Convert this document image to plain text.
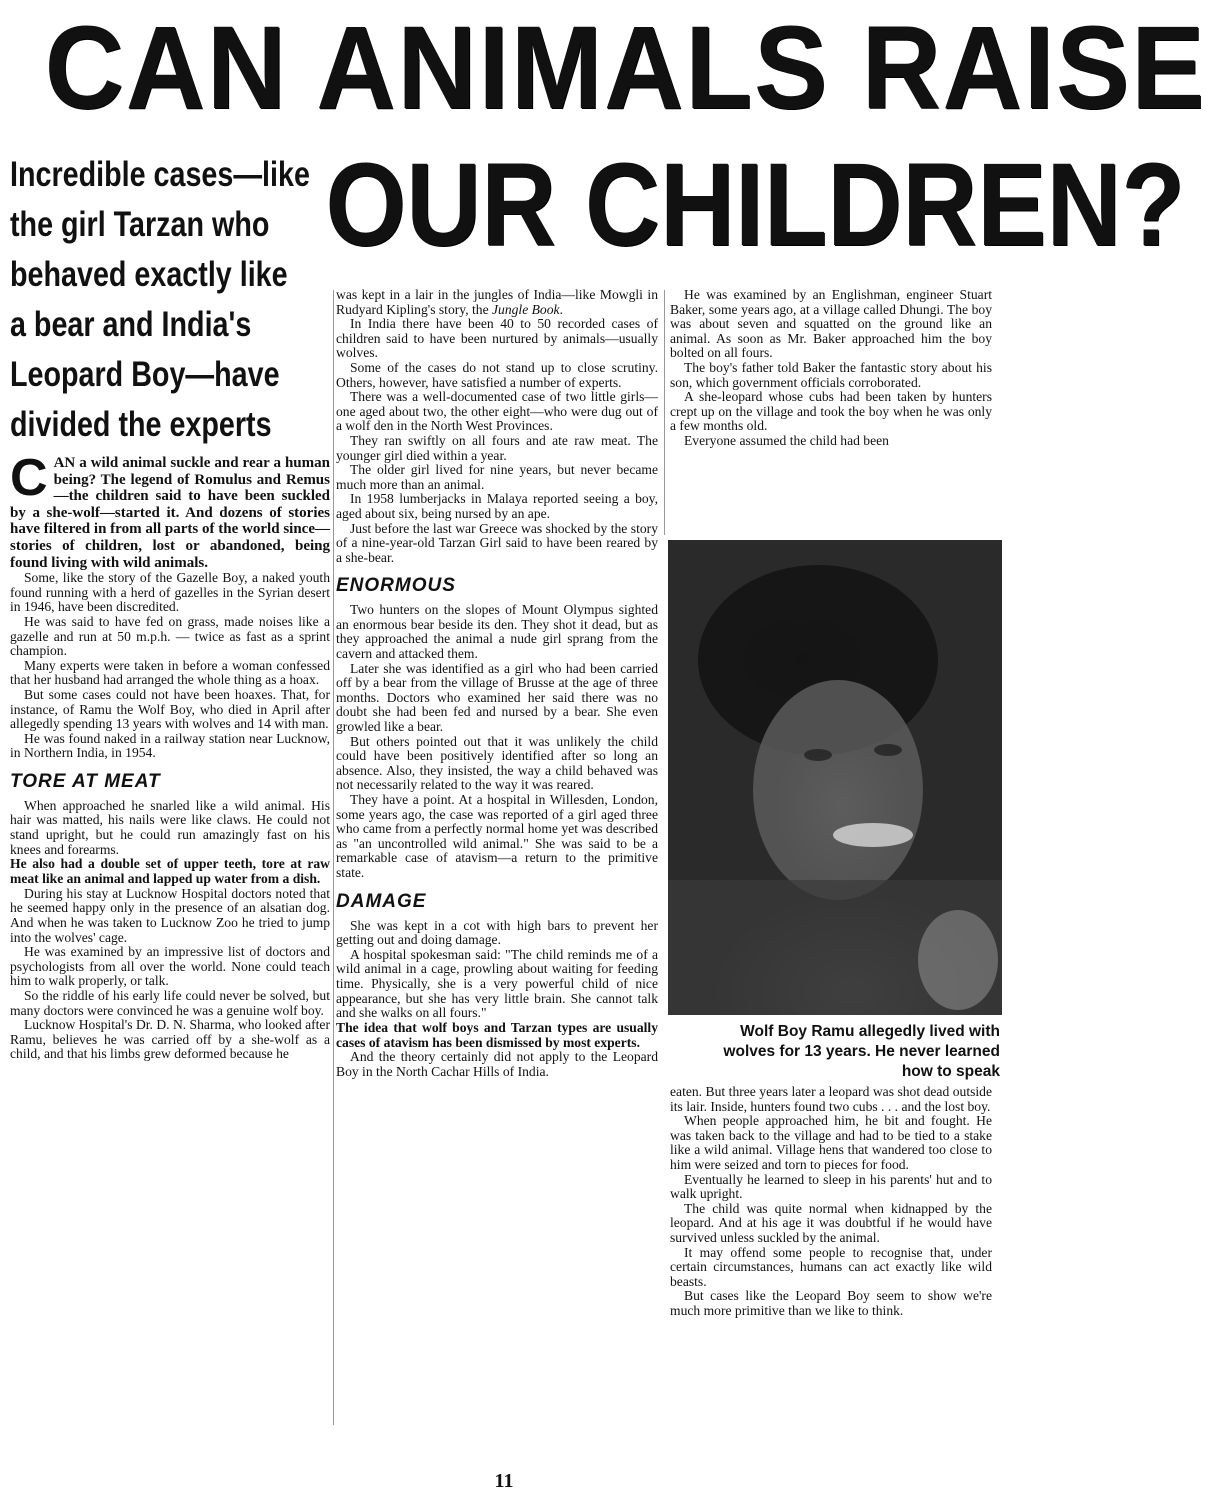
CAN ANIMALS RAISE
OUR CHILDREN?
Incredible cases—like
the girl Tarzan who
behaved exactly like
a bear and India's
Leopard Boy—have
divided the experts

CAN a wild animal suckle and rear a human being? The legend of Romulus and Remus—the children said to have been suckled by a she-wolf—started it. And dozens of stories have filtered in from all parts of the world since—stories of children, lost or abandoned, being found living with wild animals.

Some, like the story of the Gazelle Boy, a naked youth found running with a herd of gazelles in the Syrian desert in 1946, have been discredited.

He was said to have fed on grass, made noises like a gazelle and run at 50 m.p.h. — twice as fast as a sprint champion.

Many experts were taken in before a woman confessed that her husband had arranged the whole thing as a hoax.

But some cases could not have been hoaxes. That, for instance, of Ramu the Wolf Boy, who died in April after allegedly spending 13 years with wolves and 14 with man.

He was found naked in a railway station near Lucknow, in Northern India, in 1954.

TORE AT MEAT

When approached he snarled like a wild animal. His hair was matted, his nails were like claws. He could not stand upright, but he could run amazingly fast on his knees and forearms.

He also had a double set of upper teeth, tore at raw meat like an animal and lapped up water from a dish.

During his stay at Lucknow Hospital doctors noted that he seemed happy only in the presence of an alsatian dog. And when he was taken to Lucknow Zoo he tried to jump into the wolves' cage.

He was examined by an impressive list of doctors and psychologists from all over the world. None could teach him to walk properly, or talk.

So the riddle of his early life could never be solved, but many doctors were convinced he was a genuine wolf boy.

Lucknow Hospital's Dr. D. N. Sharma, who looked after Ramu, believes he was carried off by a she-wolf as a child, and that his limbs grew deformed because he

was kept in a lair in the jungles of India—like Mowgli in Rudyard Kipling's story, the Jungle Book.

In India there have been 40 to 50 recorded cases of children said to have been nurtured by animals—usually wolves.

Some of the cases do not stand up to close scrutiny. Others, however, have satisfied a number of experts.

There was a well-documented case of two little girls—one aged about two, the other eight—who were dug out of a wolf den in the North West Provinces.

They ran swiftly on all fours and ate raw meat. The younger girl died within a year.

The older girl lived for nine years, but never became much more than an animal.

In 1958 lumberjacks in Malaya reported seeing a boy, aged about six, being nursed by an ape.

Just before the last war Greece was shocked by the story of a nine-year-old Tarzan Girl said to have been reared by a she-bear.

ENORMOUS

Two hunters on the slopes of Mount Olympus sighted an enormous bear beside its den. They shot it dead, but as they approached the animal a nude girl sprang from the cavern and attacked them.

Later she was identified as a girl who had been carried off by a bear from the village of Brusse at the age of three months. Doctors who examined her said there was no doubt she had been fed and nursed by a bear. She even growled like a bear.

But others pointed out that it was unlikely the child could have been positively identified after so long an absence. Also, they insisted, the way a child behaved was not necessarily related to the way it was reared.

They have a point. At a hospital in Willesden, London, some years ago, the case was reported of a girl aged three who came from a perfectly normal home yet was described as "an uncontrolled wild animal." She was said to be a remarkable case of atavism—a return to the primitive state.

DAMAGE

She was kept in a cot with high bars to prevent her getting out and doing damage.

A hospital spokesman said: "The child reminds me of a wild animal in a cage, prowling about waiting for feeding time. Physically, she is a very powerful child of nice appearance, but she has very little brain. She cannot talk and she walks on all fours."

The idea that wolf boys and Tarzan types are usually cases of atavism has been dismissed by most experts.

And the theory certainly did not apply to the Leopard Boy in the North Cachar Hills of India.

He was examined by an Englishman, engineer Stuart Baker, some years ago, at a village called Dhungi. The boy was about seven and squatted on the ground like an animal. As soon as Mr. Baker approached him the boy bolted on all fours.

The boy's father told Baker the fantastic story about his son, which government officials corroborated.

A she-leopard whose cubs had been taken by hunters crept up on the village and took the boy when he was only a few months old.

Everyone assumed the child had been

Wolf Boy Ramu allegedly lived with wolves for 13 years. He never learned how to speak

eaten. But three years later a leopard was shot dead outside its lair. Inside, hunters found two cubs . . . and the lost boy.

When people approached him, he bit and fought. He was taken back to the village and had to be tied to a stake like a wild animal. Village hens that wandered too close to him were seized and torn to pieces for food.

Eventually he learned to sleep in his parents' hut and to walk upright.

The child was quite normal when kidnapped by the leopard. And at his age it was doubtful if he would have survived unless suckled by the animal.

It may offend some people to recognise that, under certain circumstances, humans can act exactly like wild beasts.

But cases like the Leopard Boy seem to show we're much more primitive than we like to think.

11
